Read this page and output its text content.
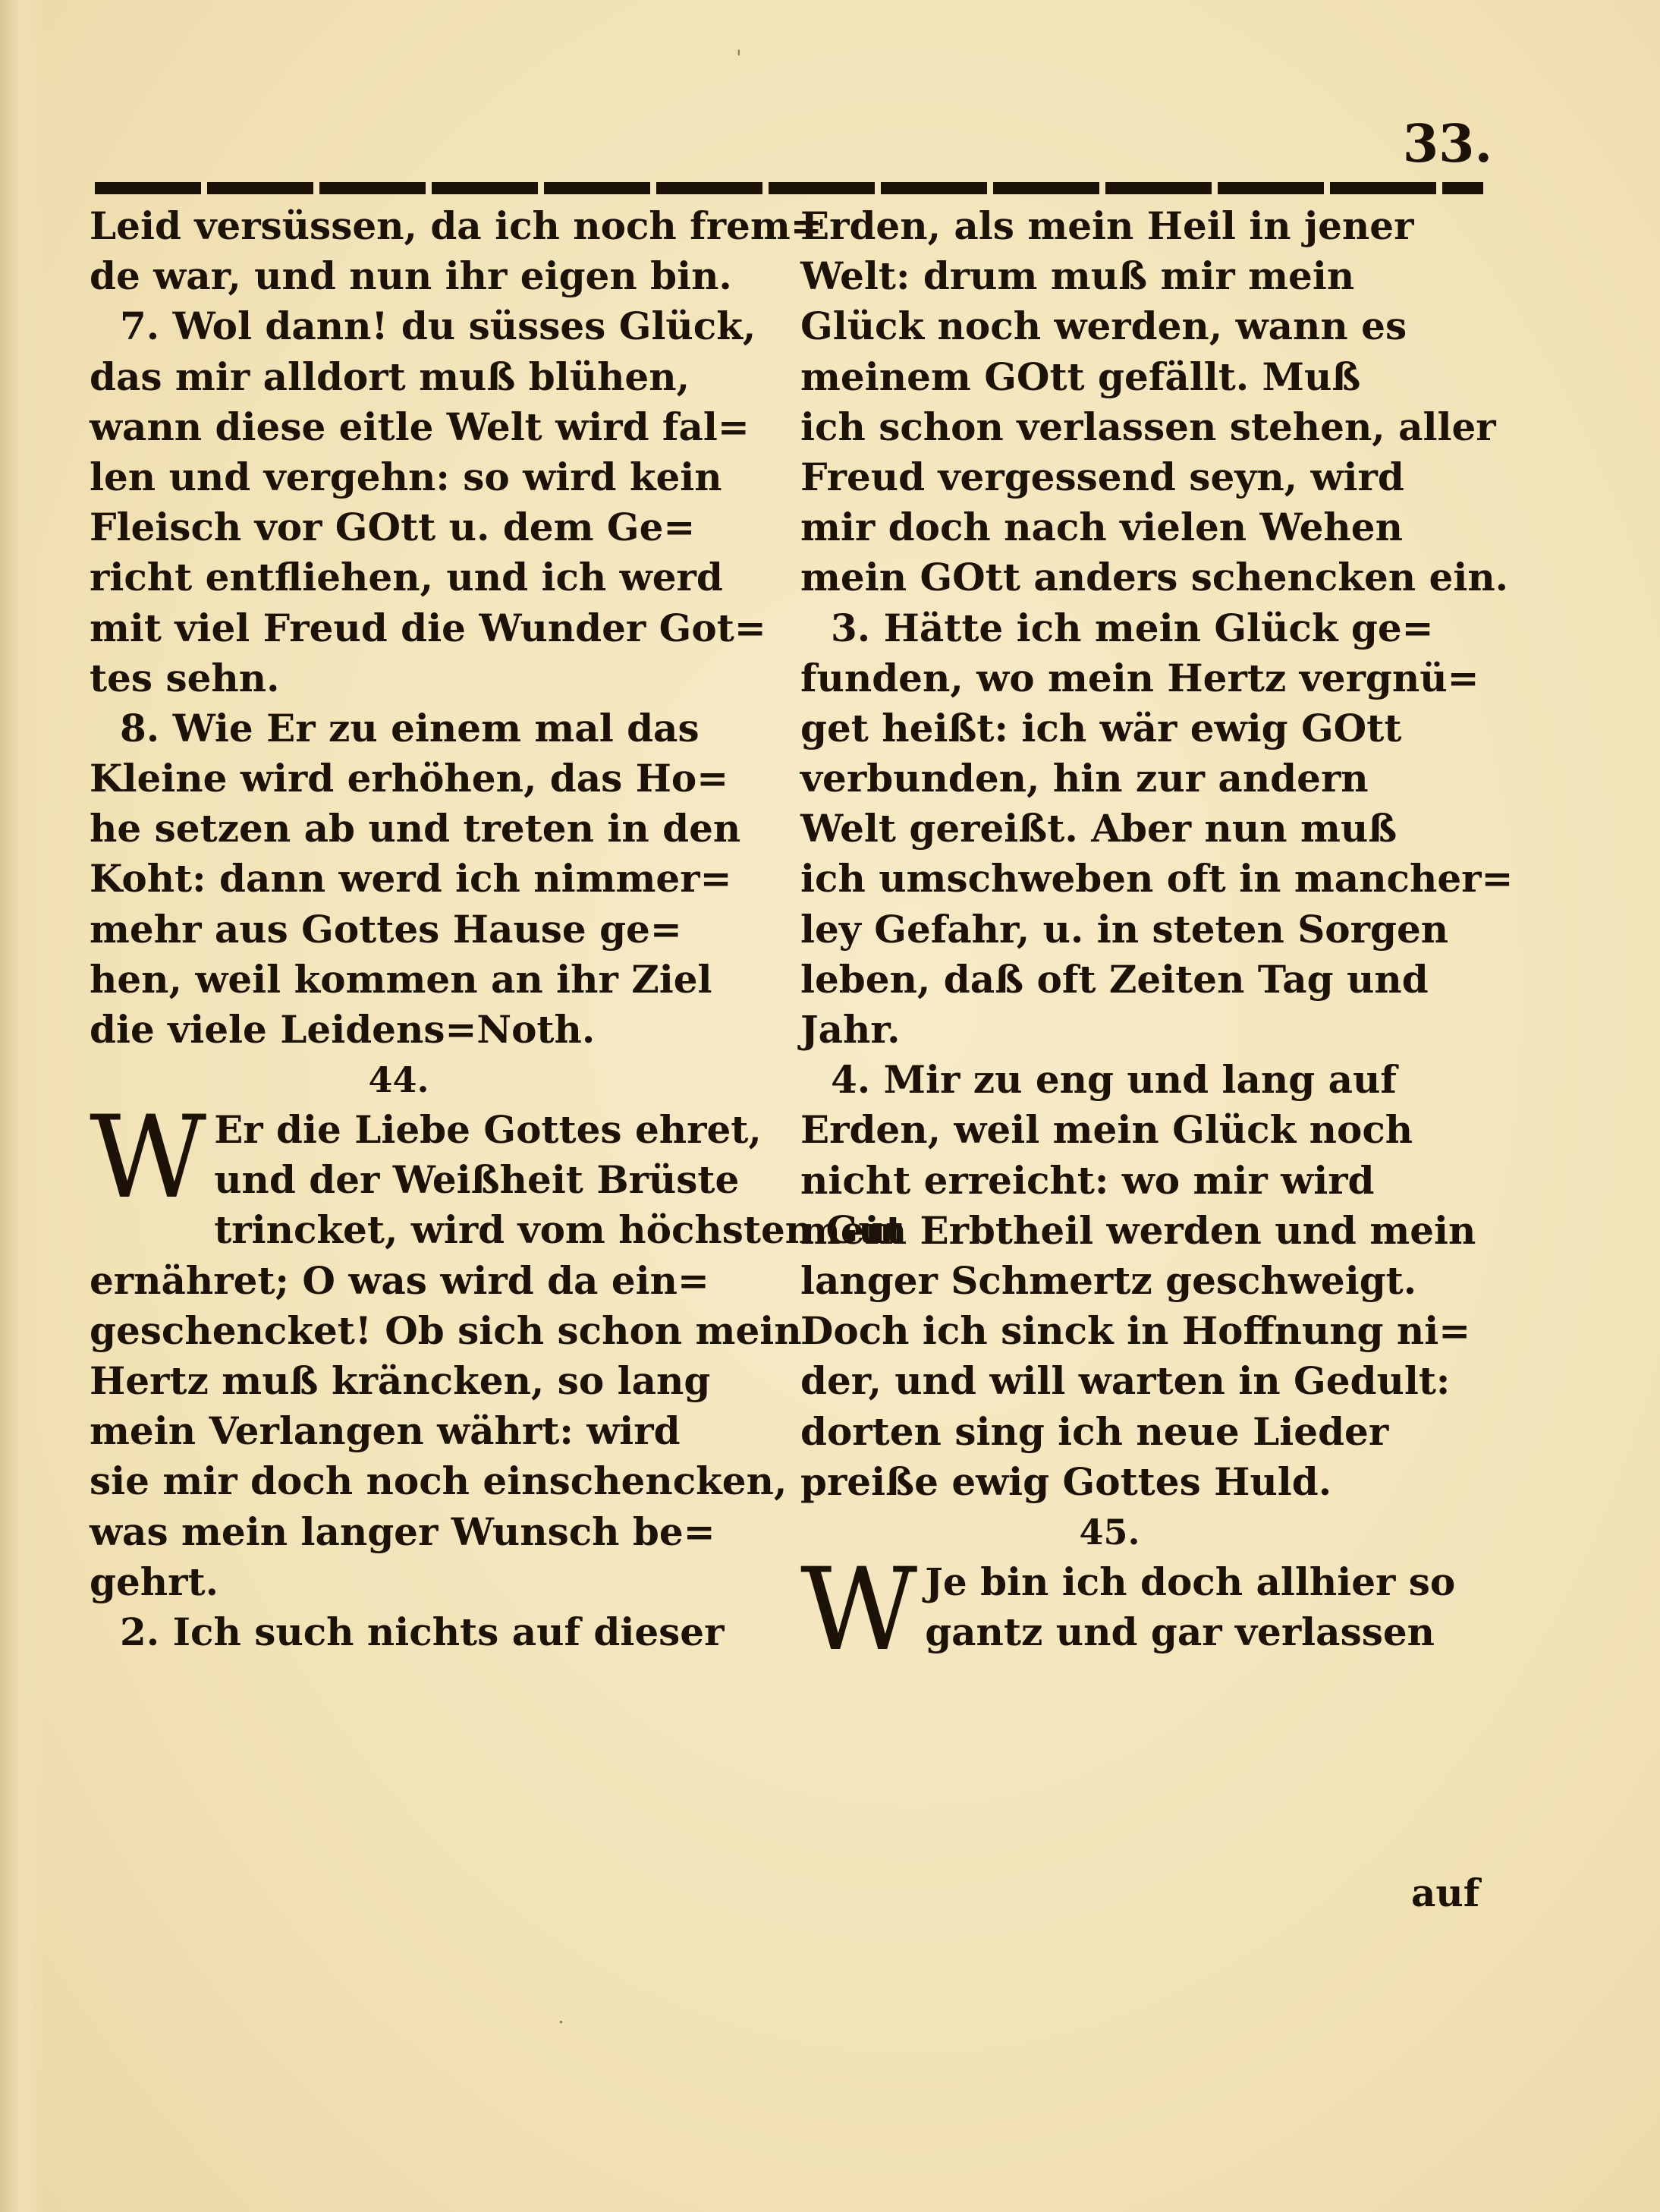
33.
Leid versüssen, da ich noch frem=
de war, und nun ihr eigen bin.
7. Wol dann! du süsses Glück,
das mir alldort muß blühen,
wann diese eitle Welt wird fal=
len und vergehn: so wird kein
Fleisch vor GOtt u. dem Ge=
richt entfliehen, und ich werd
mit viel Freud die Wunder Got=
tes sehn.
8. Wie Er zu einem mal das
Kleine wird erhöhen, das Ho=
he setzen ab und treten in den
Koht: dann werd ich nimmer=
mehr aus Gottes Hause ge=
hen, weil kommen an ihr Ziel
die viele Leidens=Noth.
44.
W Er die Liebe Gottes ehret,
und der Weißheit Brüste
trincket, wird vom höchsten Gut
ernähret; O was wird da ein=
geschencket! Ob sich schon mein
Hertz muß kräncken, so lang
mein Verlangen währt: wird
sie mir doch noch einschencken,
was mein langer Wunsch be=
gehrt.
2. Ich such nichts auf dieser
Erden, als mein Heil in jener
Welt: drum muß mir mein
Glück noch werden, wann es
meinem GOtt gefällt. Muß
ich schon verlassen stehen, aller
Freud vergessend seyn, wird
mir doch nach vielen Wehen
mein GOtt anders schencken ein.
3. Hätte ich mein Glück ge=
funden, wo mein Hertz vergnü=
get heißt: ich wär ewig GOtt
verbunden, hin zur andern
Welt gereißt. Aber nun muß
ich umschweben oft in mancher=
ley Gefahr, u. in steten Sorgen
leben, daß oft Zeiten Tag und
Jahr.
4. Mir zu eng und lang auf
Erden, weil mein Glück noch
nicht erreicht: wo mir wird
mein Erbtheil werden und mein
langer Schmertz geschweigt.
Doch ich sinck in Hoffnung ni=
der, und will warten in Gedult:
dorten sing ich neue Lieder
preiße ewig Gottes Huld.
45.
W Je bin ich doch allhier so
gantz und gar verlassen
auf
'
.
